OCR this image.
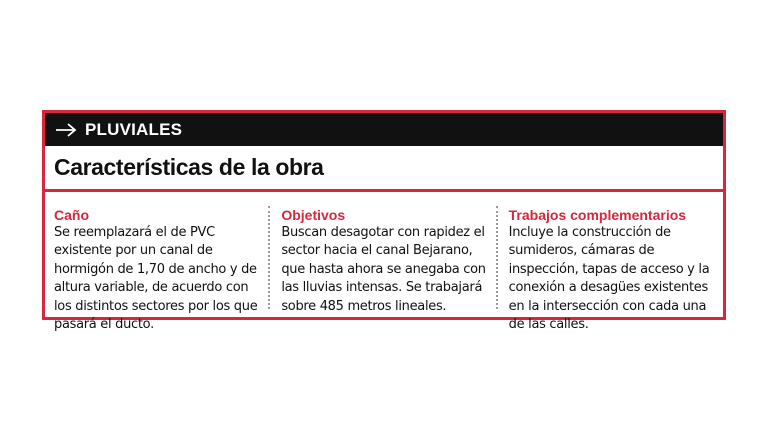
PLUVIALES
Características de la obra
Caño
Se reemplazará el de PVC existente por un canal de hormigón de 1,70 de ancho y de altura variable, de acuerdo con los distintos sectores por los que pasará el ducto.
Objetivos
Buscan desagotar con rapidez el sector hacia el canal Bejarano, que hasta ahora se anegaba con las lluvias intensas. Se trabajará sobre 485 metros lineales.
Trabajos complementarios
Incluye la construcción de sumideros, cámaras de inspección, tapas de acceso y la conexión a desagües existentes en la intersección con cada una de las calles.
